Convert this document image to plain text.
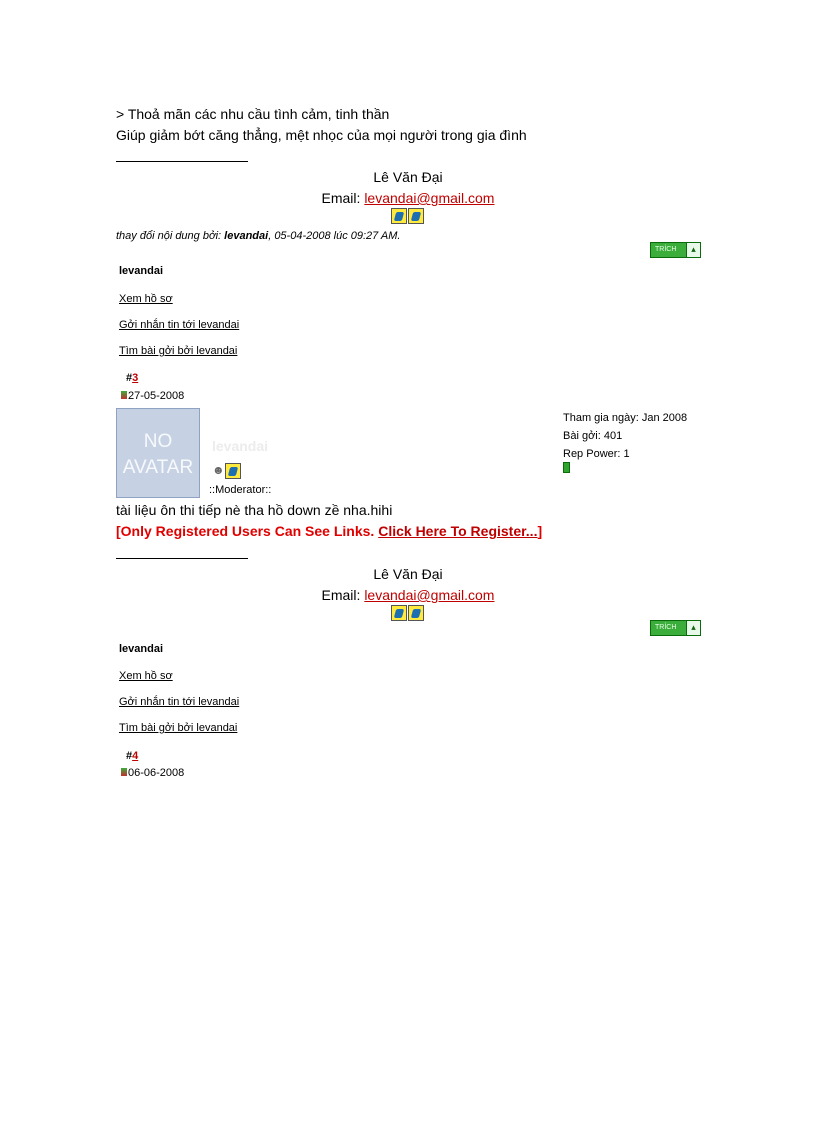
> Thoả mãn các nhu cầu tình cảm, tinh thần
Giúp giảm bớt căng thẳng, mệt nhọc của mọi người trong gia đình
Lê Văn Đại
Email: levandai@gmail.com
thay đổi nội dung bởi: levandai, 05-04-2008 lúc 09:27 AM.
TRÍCH	▴
levandai
Xem hồ sơ
Gởi nhắn tin tới levandai
Tìm bài gởi bởi levandai
#3
27-05-2008
NO
AVATAR
levandai
☻
::Moderator::
Tham gia ngày: Jan 2008
Bài gởi: 401
Rep Power: 1
tài liệu ôn thi tiếp nè tha hồ down zề nha.hihi
[Only Registered Users Can See Links. Click Here To Register...]
Lê Văn Đại
Email: levandai@gmail.com
TRÍCH	▴
levandai
Xem hồ sơ
Gởi nhắn tin tới levandai
Tìm bài gởi bởi levandai
#4
06-06-2008
